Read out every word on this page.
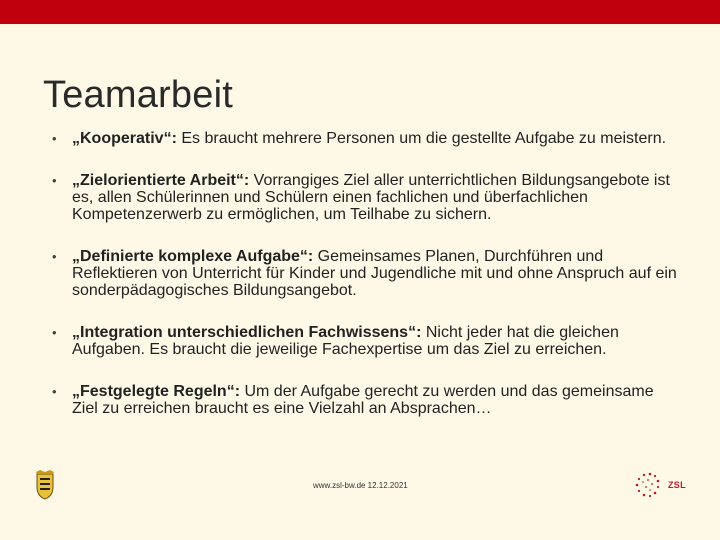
Teamarbeit
• „Kooperativ“: Es braucht mehrere Personen um die gestellte Aufgabe zu meistern.
• „Zielorientierte Arbeit“: Vorrangiges Ziel aller unterrichtlichen Bildungsangebote ist es, allen Schülerinnen und Schülern einen fachlichen und überfachlichen Kompetenzerwerb zu ermöglichen, um Teilhabe zu sichern.
• „Definierte komplexe Aufgabe“: Gemeinsames Planen, Durchführen und Reflektieren von Unterricht für Kinder und Jugendliche mit und ohne Anspruch auf ein sonderpädagogisches Bildungsangebot.
• „Integration unterschiedlichen Fachwissens“: Nicht jeder hat die gleichen Aufgaben. Es braucht die jeweilige Fachexpertise um das Ziel zu erreichen.
• „Festgelegte Regeln“: Um der Aufgabe gerecht zu werden und das gemeinsame Ziel zu erreichen braucht es eine Vielzahl an Absprachen…
www.zsl-bw.de 12.12.2021	ZSL
